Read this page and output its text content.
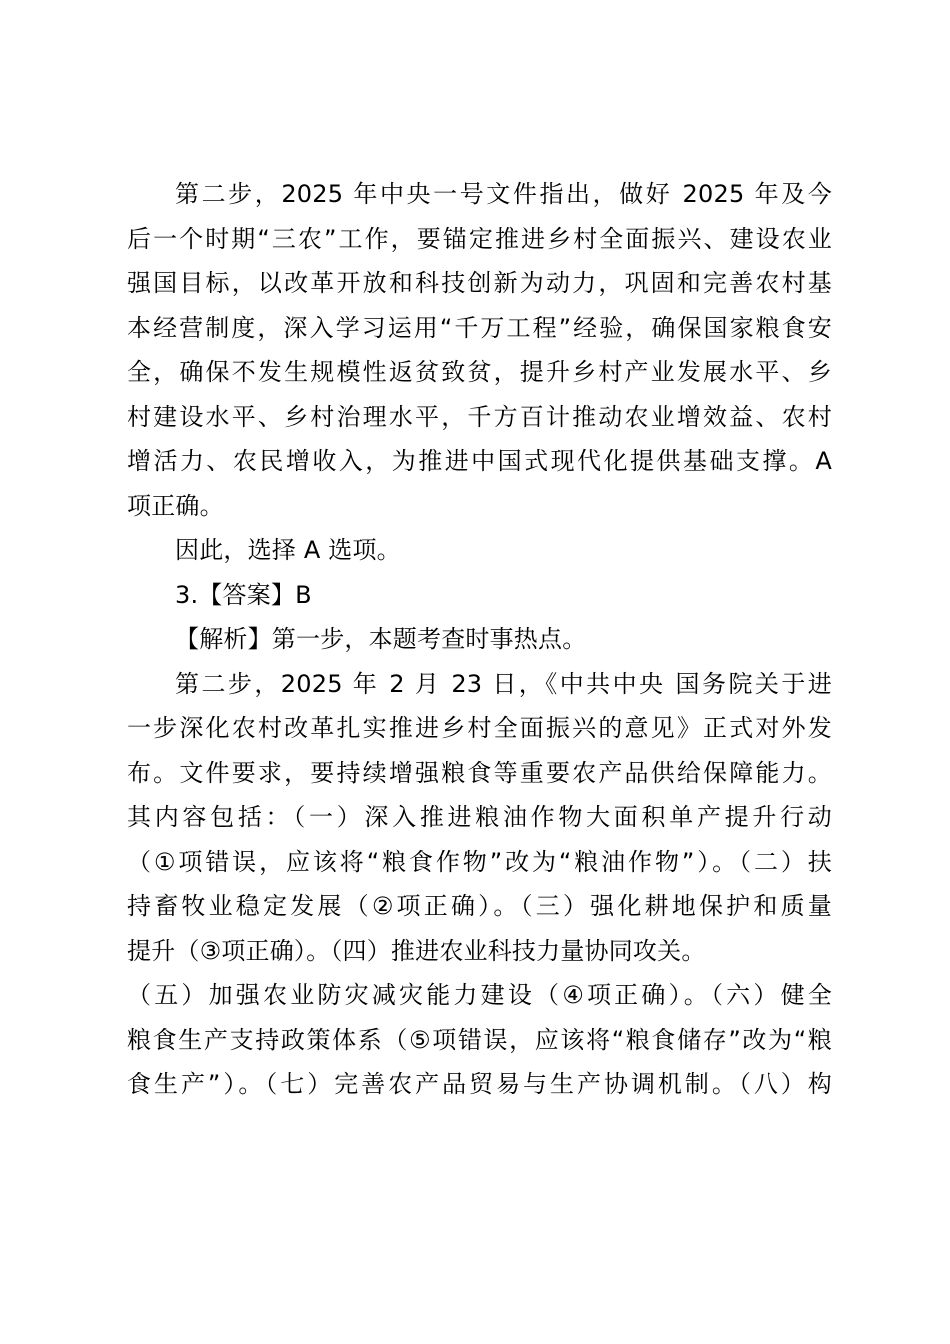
第二步，2025 年中央一号文件指出，做好 2025 年及今
后一个时期“三农”工作，要锚定推进乡村全面振兴、建设农业
强国目标，以改革开放和科技创新为动力，巩固和完善农村基
本经营制度，深入学习运用“千万工程”经验，确保国家粮食安
全，确保不发生规模性返贫致贫，提升乡村产业发展水平、乡
村建设水平、乡村治理水平，千方百计推动农业增效益、农村
增活力、农民增收入，为推进中国式现代化提供基础支撑。A
项正确。
因此，选择 A 选项。
3.【答案】B
【解析】第一步，本题考查时事热点。
第二步，2025 年 2 月 23 日，《中共中央 国务院关于进
一步深化农村改革扎实推进乡村全面振兴的意见》正式对外发
布。文件要求，要持续增强粮食等重要农产品供给保障能力。
其内容包括：（一）深入推进粮油作物大面积单产提升行动
（①项错误，应该将“粮食作物”改为“粮油作物”）。（二）扶
持畜牧业稳定发展（②项正确）。（三）强化耕地保护和质量
提升（③项正确）。（四）推进农业科技力量协同攻关。
（五）加强农业防灾减灾能力建设（④项正确）。（六）健全
粮食生产支持政策体系（⑤项错误，应该将“粮食储存”改为“粮
食生产”）。（七）完善农产品贸易与生产协调机制。（八）构
